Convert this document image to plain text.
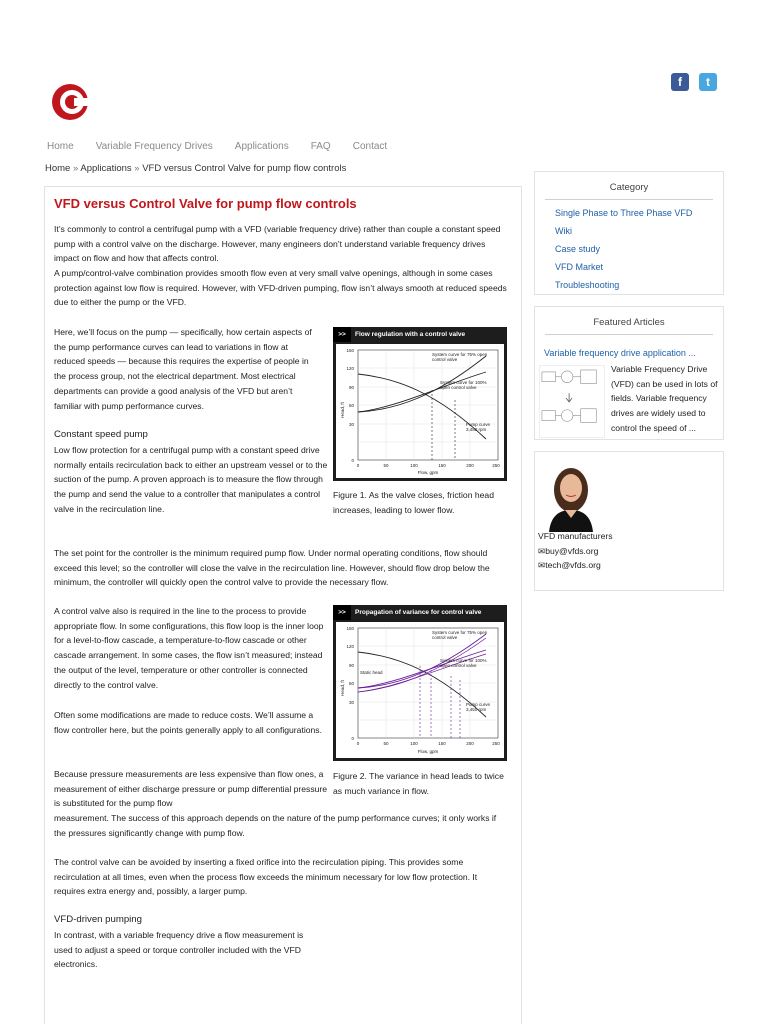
f	t
Home Variable Frequency Drives Applications FAQ Contact
Home » Applications » VFD versus Control Valve for pump flow controls
VFD versus Control Valve for pump flow controls
It’s commonly to control a centrifugal pump with a VFD (variable frequency drive) rather than couple a constant speed pump with a control valve on the discharge. However, many engineers don’t understand variable frequency drives impact on flow and how that affects control.
A pump/control-valve combination provides smooth flow even at very small valve openings, although in some cases protection against low flow is required. However, with VFD-driven pumping, flow isn’t always smooth at reduced speeds due to either the pump or the VFD.
Here, we’ll focus on the pump — specifically, how certain aspects of the pump performance curves can lead to variations in flow at reduced speeds — because this requires the expertise of people in the process group, not the electrical department. Most electrical departments can provide a good analysis of the VFD but aren’t familiar with pump performance curves.
Constant speed pump
Low flow protection for a centrifugal pump with a constant speed drive normally entails recirculation back to either an upstream vessel or to the suction of the pump. A proven approach is to measure the flow through the pump and send the value to a controller that manipulates a control valve in the recirculation line.
>>	Flow regulation with a control valve
150
120
90
60
30
0
0	50	100	150	200	250
Flow, gpm
Head, ft
System curve for 75% open control valve
System curve for 100% open control valve
Pump curve 3,450 rpm
Figure 1. As the valve closes, friction head increases, leading to lower flow.
The set point for the controller is the minimum required pump flow. Under normal operating conditions, flow should exceed this level; so the controller will close the valve in the recirculation line. However, should flow drop below the minimum, the controller will quickly open the control valve to provide the necessary flow.
A control valve also is required in the line to the process to provide appropriate flow. In some configurations, this flow loop is the inner loop for a level-to-flow cascade, a temperature-to-flow cascade or other cascade arrangement. In some cases, the flow isn’t measured; instead the output of the level, temperature or other controller is connected directly to the control valve.
Often some modifications are made to reduce costs. We’ll assume a flow controller here, but the points generally apply to all configurations.
Because pressure measurements are less expensive than flow ones, a measurement of either discharge pressure or pump differential pressure is substituted for the pump flow
measurement. The success of this approach depends on the nature of the pump performance curves; it only works if the pressures significantly change with pump flow.
>>	Propagation of variance for control valve
150
120
90
60
30
0
0	50	100	150	200	250
Flow, gpm
Head, ft
Static head
System curve for 75% open control valve
System curve for 100% open control valve
Pump curve 3,450 rpm
Figure 2. The variance in head leads to twice as much variance in flow.
The control valve can be avoided by inserting a fixed orifice into the recirculation piping. This provides some recirculation at all times, even when the process flow exceeds the minimum necessary for low flow protection. It requires extra energy and, possibly, a larger pump.
VFD-driven pumping
In contrast, with a variable frequency drive a flow measurement is used to adjust a speed or torque controller included with the VFD electronics.
Category
Single Phase to Three Phase VFD
Wiki
Case study
VFD Market
Troubleshooting
Featured Articles
Variable frequency drive application ...
Variable Frequency Drive (VFD) can be used in lots of fields. Variable frequency drives are widely used to control the speed of ...
VFD manufacturers
✉buy@vfds.org
✉tech@vfds.org
